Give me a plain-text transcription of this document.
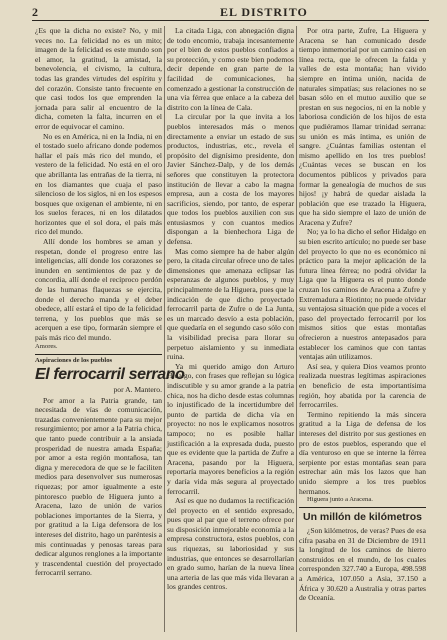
2	EL DISTRITO

¿Es que la dicha no existe? No, y mil veces no. La felicidad no es un mito; imagen de la felicidad es este mundo son el amor, la gratitud, la amistad, la benevolencia, el civismo, la cultura, todas las grandes virtudes del espíritu y del corazón. Consiste tanto frecuente en que casi todos los que emprenden la jornada para salir al encuentro de la dicha, cometen la falta, incurren en el error de equivocar el camino.

No es en América, ni en la India, ni en el tostado suelo africano donde podemos hallar el país más rico del mundo, el vestero de la felicidad. No está en el oro que abrillanta las entrañas de la tierra, ni en los diamantes que cuaja el paso silencioso de los siglos, ni en los espesos bosques que oxigenan el ambiente, ni en los suelos feraces, ni en los dilatados horizontes que el sol dora, el país más rico del mundo.

Allí donde los hombres se aman y respetan, donde el progreso entre las inteligencias, allí donde los corazones se inunden en sentimientos de paz y de concordia, allí donde el recíproco perdón de las humanas flaquezas se ejercita, donde el derecho manda y el deber obedece, allí estará el tipo de la felicidad terrena, y los pueblos que más se acerquen a ese tipo, formarán siempre el país más rico del mundo.

Amores.

Aspiraciones de los pueblos
El ferrocarril serrano
por A. Mantero.

Por amor a la Patria grande, tan necesitada de vías de comunicación, trazadas convenientemente para su mejor resurgimiento; por amor a la Patria chica, que tanto puede contribuir a la ansiada prosperidad de nuestra amada España; por amor a esta región montañosa, tan digna y merecedora de que se le faciliten medios para desenvolver sus numerosas riquezas; por amor igualmente a este pintoresco pueblo de Higuera junto a Aracena, lazo de unión de varios poblaciones importantes de la Sierra, y por gratitud a la Liga defensora de los intereses del distrito, hago un paréntesis a mis continuadas y penosas tareas para dedicar algunos renglones a la importante y trascendental cuestión del proyectado ferrocarril serrano.

La citada Liga, con abnegación digna de todo encomio, trabaja incesantemente por el bien de estos pueblos confiados a su protección, y como este bien podemos decir depende en gran parte de la facilidad de comunicaciones, ha comenzado a gestionar la construcción de una vía férrea que enlace a la cabeza del distrito con la línea de Cala.

La circular por la que invita a los pueblos interesados más o menos directamente a enviar un estado de sus productos, industrias, etc., revela el propósito del dignísimo presidente, don Javier Sánchez-Dalp, y de los demás señores que constituyen la protectora institución de llevar a cabo la magna empresa, aun a costa de los mayores sacrificios, siendo, por tanto, de esperar que todos los pueblos auxilien con sus entusiasmos y con cuantos medios dispongan a la bienhechora Liga de defensa.

Mas como siempre ha de haber algún pero, la citada circular ofrece uno de tales dimensiones que amenaza eclipsar las esperanzas de algunos pueblos, y muy principalmente de la Higuera, pues que la indicación de que dicho proyectado ferrocarril parta de Zufre o de La Junta, es un marcado desvío a esta población, que quedaría en el segundo caso sólo con la visibilidad precisa para llorar su perpetuo aislamiento y su inmediata ruina.

Ya mi querido amigo don Arturo Hidalgo, con frases que reflejan su lógica indiscutible y su amor grande a la patria chica, nos ha dicho desde estas columnas lo injustificado de la incertidumbre del punto de partida de dicha vía en proyecto: no nos le explicamos nosotros tampoco; no es posible hallar justificación a la expresada duda, puesto que es evidente que la partida de Zufre a Aracena, pasando por la Higuera, reportaría mayores beneficios a la región y daría vida más segura al proyectado ferrocarril.

Así es que no dudamos la rectificación del proyecto en el sentido expresado, pues que al par que el terreno ofrece por su disposición inmejorable economía a la empresa constructora, estos pueblos, con sus riquezas, su laboriosidad y sus industrias, que entonces se desarrollarían en grado sumo, harían de la nueva línea una arteria de las que más vida llevaran a los grandes centros.

Por otra parte, Zufre, La Higuera y Aracena se han comunicado desde tiempo inmemorial por un camino casi en línea recta, que le ofrecen la falda y valles de esta montaña; han vivido siempre en íntima unión, nacida de naturales simpatías; sus relaciones no se basan sólo en el mutuo auxilio que se prestan en sus negocios, ni en la noble y laboriosa condición de los hijos de esta que pudiéramos llamar trinidad serrana: su unión es más íntima, es unión de sangre. ¿Cuántas familias ostentan el mismo apellido en los tres pueblos! ¿Cuántas veces se buscan en los documentos públicos y privados para formar la genealogía de muchos de sus hijos! ¡y habrá de quedar aislada la población que ese trazado la Higuera, que ha sido siempre el lazo de unión de Aracena y Zufre?

No; ya lo ha dicho el señor Hidalgo en su bien escrito artículo; no puede ser base del proyecto lo que no es económico ni práctico para la mejor aplicación de la futura línea férrea; no podrá olvidar la Liga que la Higuera es el punto donde cruzan los caminos de Aracena a Zufre y Extremadura a Riotinto; no puede olvidar su ventajosa situación que pide a voces el paso del proyectado ferrocarril por los mismos sitios que estas montañas ofrecieron a nuestros antepasados para establecer los caminos que con tantas ventajas aún utilizamos.

Así sea, y quiera Dios veamos pronto realizada nuestras legítimas aspiraciones en beneficio de esta importantísima región, hoy abatida por la carencia de ferrocarriles.

Termino repitiendo la más sincera gratitud a la Liga de defensa de los intereses del distrito por sus gestiones en pro de estos pueblos, esperando que el día venturoso en que se interne la férrea serpiente por estas montañas sean para estrechar aún más los lazos que han unido siempre a los tres pueblos hermanos.

Higuera junto a Aracena.

Un millón de kilómetros

¿Son kilómetros, de veras? Pues de esa cifra pasaba en 31 de Diciembre de 1911 la longitud de los caminos de hierro construidos en el mundo, de los cuales corresponden 327.740 a Europa, 498.598 a América, 107.050 a Asia, 37.150 a África y 30.620 a Australia y otras partes de Oceanía.
